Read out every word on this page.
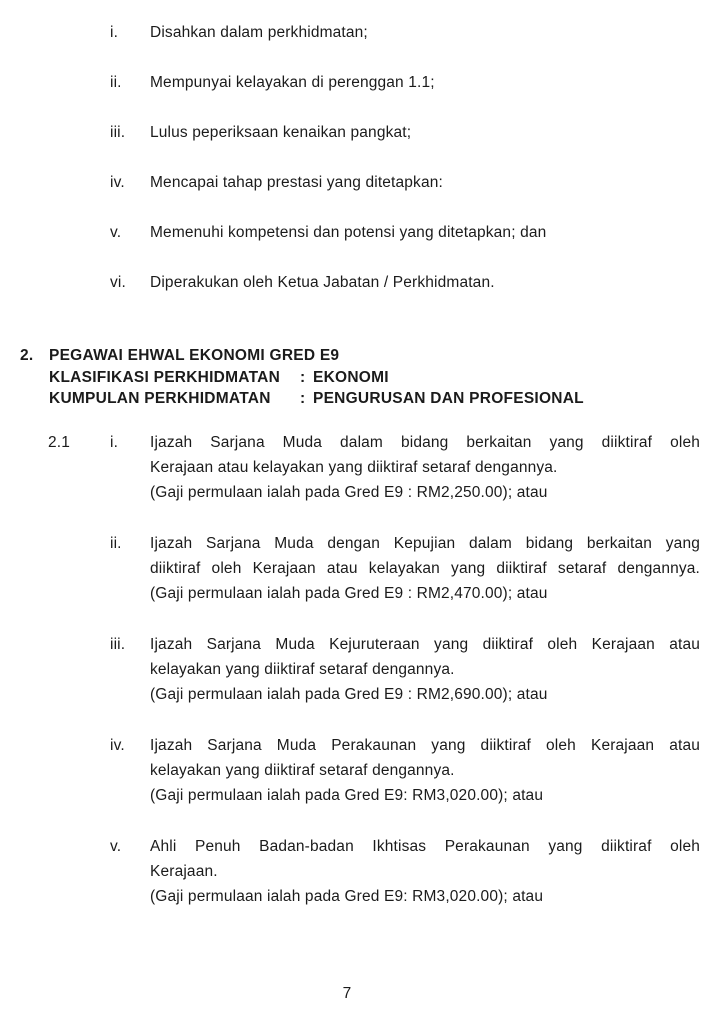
i.	Disahkan dalam perkhidmatan;
ii.	Mempunyai kelayakan di perenggan 1.1;
iii.	Lulus peperiksaan kenaikan pangkat;
iv.	Mencapai tahap prestasi yang ditetapkan:
v.	Memenuhi kompetensi dan potensi yang ditetapkan; dan
vi.	Diperakukan oleh Ketua Jabatan / Perkhidmatan.
2.	PEGAWAI EHWAL EKONOMI GRED E9
KLASIFIKASI PERKHIDMATAN	: EKONOMI
KUMPULAN PERKHIDMATAN	: PENGURUSAN DAN PROFESIONAL
2.1	i.	Ijazah Sarjana Muda dalam bidang berkaitan yang diiktiraf oleh
Kerajaan atau kelayakan yang diiktiraf setaraf dengannya.
(Gaji permulaan ialah pada Gred E9 : RM2,250.00); atau
ii.	Ijazah Sarjana Muda dengan Kepujian dalam bidang berkaitan yang
diiktiraf oleh Kerajaan atau kelayakan yang diiktiraf setaraf dengannya.
(Gaji permulaan ialah pada Gred E9 : RM2,470.00); atau
iii.	Ijazah Sarjana Muda Kejuruteraan yang diiktiraf oleh Kerajaan atau
kelayakan yang diiktiraf setaraf dengannya.
(Gaji permulaan ialah pada Gred E9 : RM2,690.00); atau
iv.	Ijazah Sarjana Muda Perakaunan yang diiktiraf oleh Kerajaan atau
kelayakan yang diiktiraf setaraf dengannya.
(Gaji permulaan ialah pada Gred E9: RM3,020.00); atau
v.	Ahli Penuh Badan-badan Ikhtisas Perakaunan yang diiktiraf oleh
Kerajaan.
(Gaji permulaan ialah pada Gred E9: RM3,020.00); atau
7
